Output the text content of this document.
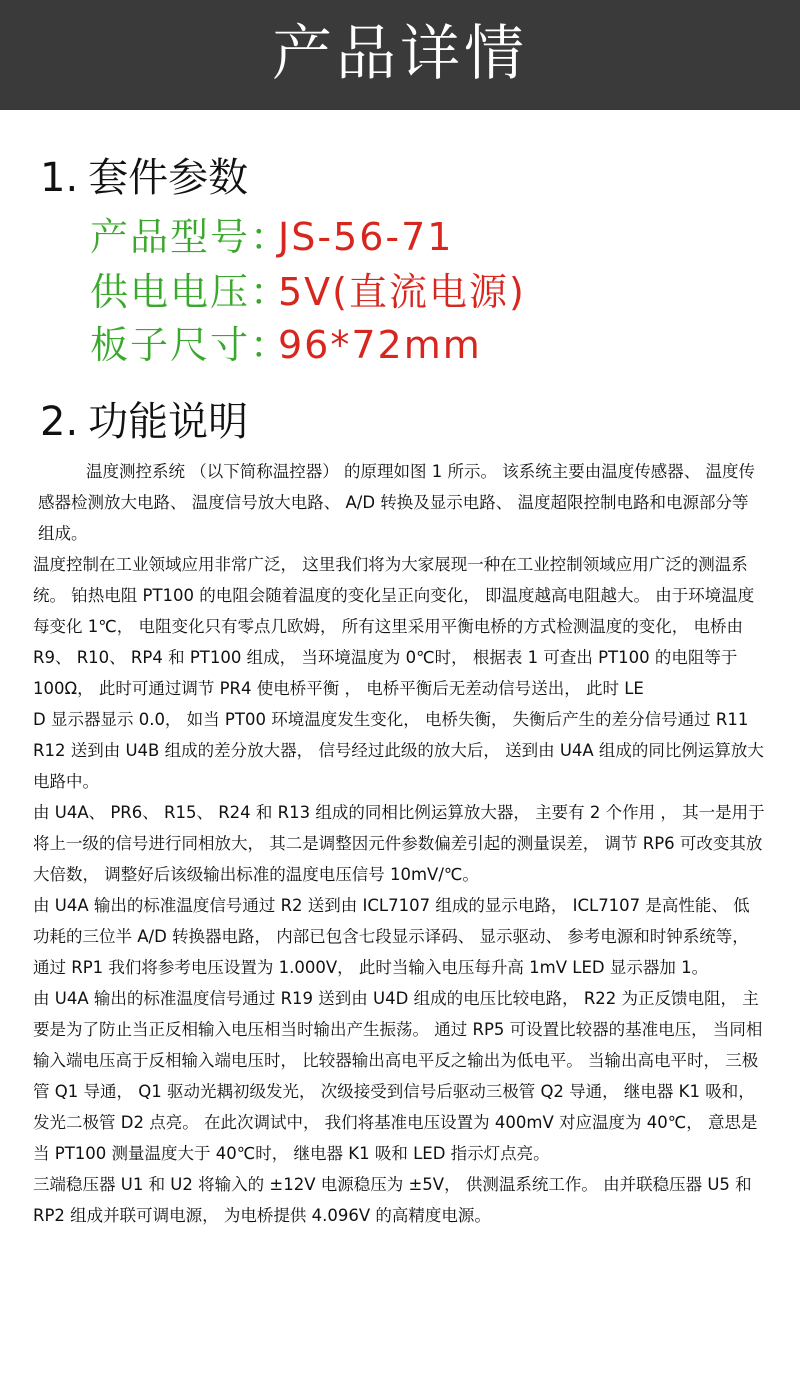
产品详情
1. 套件参数
产品型号：JS-56-71
供电电压：5V(直流电源)
板子尺寸：96*72mm
2. 功能说明

温度测控系统 （以下简称温控器） 的原理如图 1 所示。 该系统主要由温度传感器、 温度传感器检测放大电路、 温度信号放大电路、 A/D 转换及显示电路、 温度超限控制电路和电源部分等组成。

温度控制在工业领域应用非常广泛， 这里我们将为大家展现一种在工业控制领域应用广泛的测温系统。 铂热电阻 PT100 的电阻会随着温度的变化呈正向变化， 即温度越高电阻越大。 由于环境温度每变化 1℃， 电阻变化只有零点几欧姆， 所有这里采用平衡电桥的方式检测温度的变化， 电桥由 R9、 R10、 RP4 和 PT100 组成， 当环境温度为 0℃时， 根据表 1 可查出 PT100 的电阻等于 100Ω， 此时可通过调节 PR4 使电桥平衡 ， 电桥平衡后无差动信号送出， 此时 LE

D 显示器显示 0.0， 如当 PT00 环境温度发生变化， 电桥失衡， 失衡后产生的差分信号通过 R11 R12 送到由 U4B 组成的差分放大器， 信号经过此级的放大后， 送到由 U4A 组成的同比例运算放大电路中。

由 U4A、 PR6、 R15、 R24 和 R13 组成的同相比例运算放大器， 主要有 2 个作用 ， 其一是用于将上一级的信号进行同相放大， 其二是调整因元件参数偏差引起的测量误差， 调节 RP6 可改变其放大倍数， 调整好后该级输出标准的温度电压信号 10mV/℃。

由 U4A 输出的标准温度信号通过 R2 送到由 ICL7107 组成的显示电路， ICL7107 是高性能、 低功耗的三位半 A/D 转换器电路， 内部已包含七段显示译码、 显示驱动、 参考电源和时钟系统等， 通过 RP1 我们将参考电压设置为 1.000V， 此时当输入电压每升高 1mV LED 显示器加 1。

由 U4A 输出的标准温度信号通过 R19 送到由 U4D 组成的电压比较电路， R22 为正反馈电阻， 主要是为了防止当正反相输入电压相当时输出产生振荡。 通过 RP5 可设置比较器的基准电压， 当同相输入端电压高于反相输入端电压时， 比较器输出高电平反之输出为低电平。 当输出高电平时， 三极管 Q1 导通， Q1 驱动光耦初级发光， 次级接受到信号后驱动三极管 Q2 导通， 继电器 K1 吸和， 发光二极管 D2 点亮。 在此次调试中， 我们将基准电压设置为 400mV 对应温度为 40℃， 意思是当 PT100 测量温度大于 40℃时， 继电器 K1 吸和 LED 指示灯点亮。

三端稳压器 U1 和 U2 将输入的 ±12V 电源稳压为 ±5V， 供测温系统工作。 由并联稳压器 U5 和 RP2 组成并联可调电源， 为电桥提供 4.096V 的高精度电源。
